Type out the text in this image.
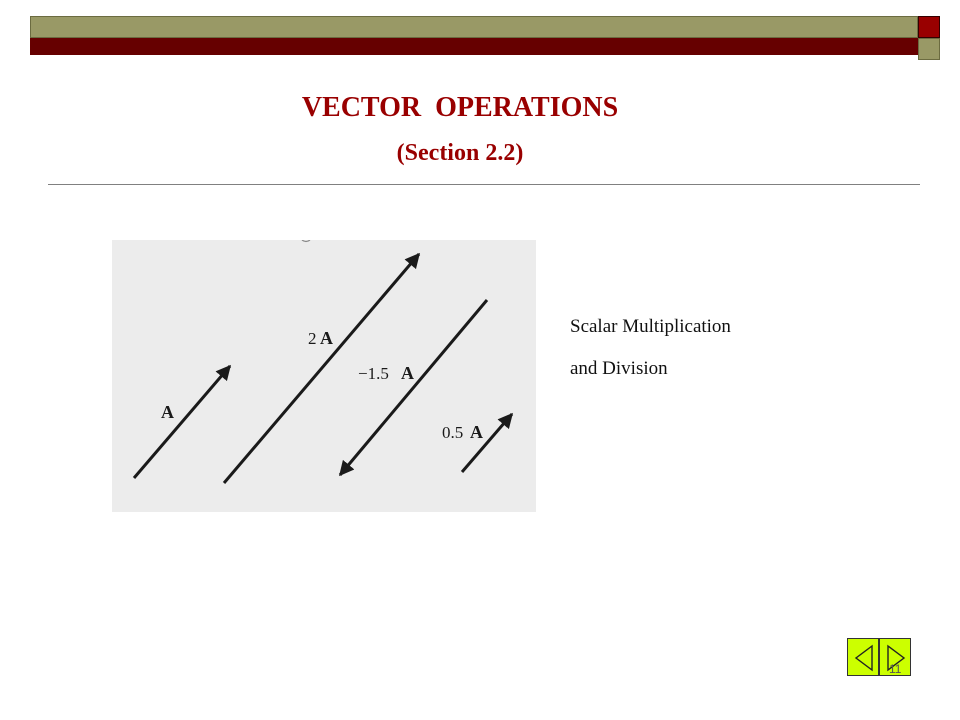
VECTOR  OPERATIONS
(Section 2.2)
A
2 A
−1.5 A
0.5 A
Scalar Multiplication
and Division
11
